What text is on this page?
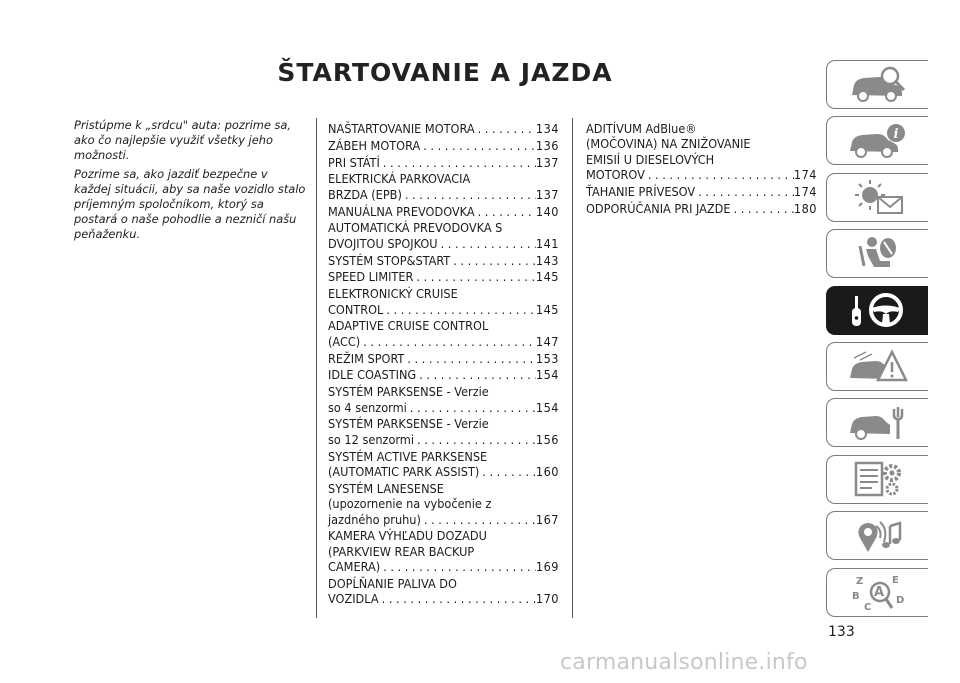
ŠTARTOVANIE A JAZDA

Pristúpme k „srdcu" auta: pozrime sa, ako čo najlepšie využiť všetky jeho možnosti.

Pozrime sa, ako jazdiť bezpečne v každej situácii, aby sa naše vozidlo stalo príjemným spoločníkom, ktorý sa postará o naše pohodlie a nezničí našu peňaženku.

NAŠTARTOVANIE MOTORA . . .	134
ZÁBEH MOTORA . . .	136
PRI STÁTÍ . . .	137
ELEKTRICKÁ PARKOVACIA
BRZDA (EPB) . . .	137
MANUÁLNA PREVODOVKA . . .	140
AUTOMATICKÁ PREVODOVKA S
DVOJITOU SPOJKOU . . .	141
SYSTÉM STOP&START . . .	143
SPEED LIMITER . . .	145
ELEKTRONICKÝ CRUISE
CONTROL . . .	145
ADAPTIVE CRUISE CONTROL
(ACC) . . .	147
REŽIM SPORT . . .	153
IDLE COASTING . . .	154
SYSTÉM PARKSENSE - Verzie
so 4 senzormi . . .	154
SYSTÉM PARKSENSE - Verzie
so 12 senzormi . . .	156
SYSTÉM ACTIVE PARKSENSE
(AUTOMATIC PARK ASSIST) . . .	160
SYSTÉM LANESENSE
(upozornenie na vybočenie z
jazdného pruhu) . . .	167
KAMERA VÝHĽADU DOZADU
(PARKVIEW REAR BACKUP
CAMERA) . . .	169
DOPĹŇANIE PALIVA DO
VOZIDLA . . .	170
ADITÍVUM AdBlue®
(MOČOVINA) NA ZNIŽOVANIE
EMISIÍ U DIESELOVÝCH
MOTOROV . . .	174
ŤAHANIE PRÍVESOV . . .	174
ODPORÚČANIA PRI JAZDE . . .	180
i
Z	E
B A
C
D
133
carmanualsonline.info
